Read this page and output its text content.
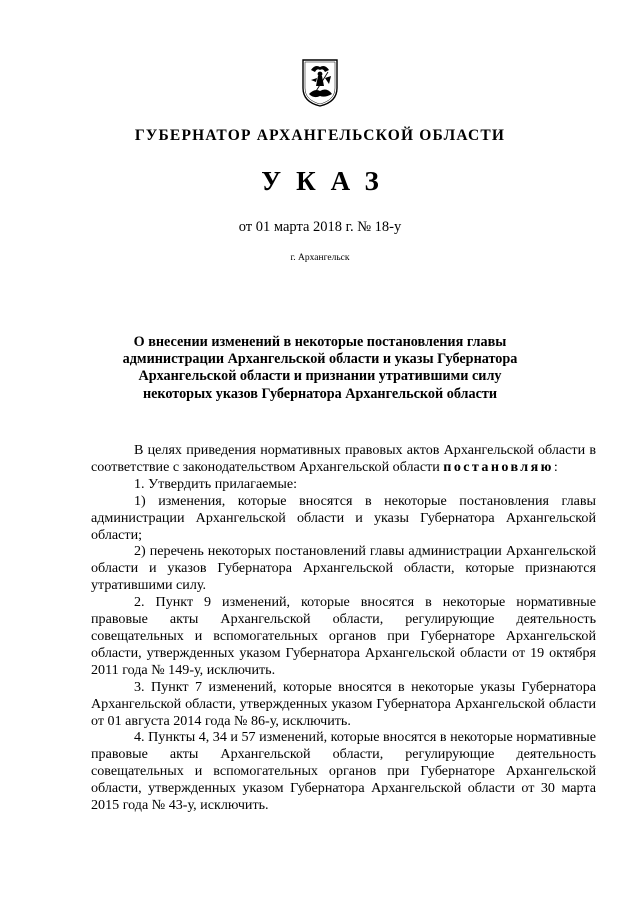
ГУБЕРНАТОР АРХАНГЕЛЬСКОЙ ОБЛАСТИ
УКАЗ
от 01 марта 2018 г. № 18-у
г. Архангельск
О внесении изменений в некоторые постановления главы
администрации Архангельской области и указы Губернатора
Архангельской области и признании утратившими силу
некоторых указов Губернатора Архангельской области

В целях приведения нормативных правовых актов Архангельской области в соответствие с законодательством Архангельской области постановляю:

1. Утвердить прилагаемые:

1) изменения, которые вносятся в некоторые постановления главы администрации Архангельской области и указы Губернатора Архангельской области;

2) перечень некоторых постановлений главы администрации Архангельской области и указов Губернатора Архангельской области, которые признаются утратившими силу.

2. Пункт 9 изменений, которые вносятся в некоторые нормативные правовые акты Архангельской области, регулирующие деятельность совещательных и вспомогательных органов при Губернаторе Архангельской области, утвержденных указом Губернатора Архангельской области от 19 октября 2011 года № 149-у, исключить.

3. Пункт 7 изменений, которые вносятся в некоторые указы Губернатора Архангельской области, утвержденных указом Губернатора Архангельской области от 01 августа 2014 года № 86-у, исключить.

4. Пункты 4, 34 и 57 изменений, которые вносятся в некоторые нормативные правовые акты Архангельской области, регулирующие деятельность совещательных и вспомогательных органов при Губернаторе Архангельской области, утвержденных указом Губернатора Архангельской области от 30 марта 2015 года № 43-у, исключить.
